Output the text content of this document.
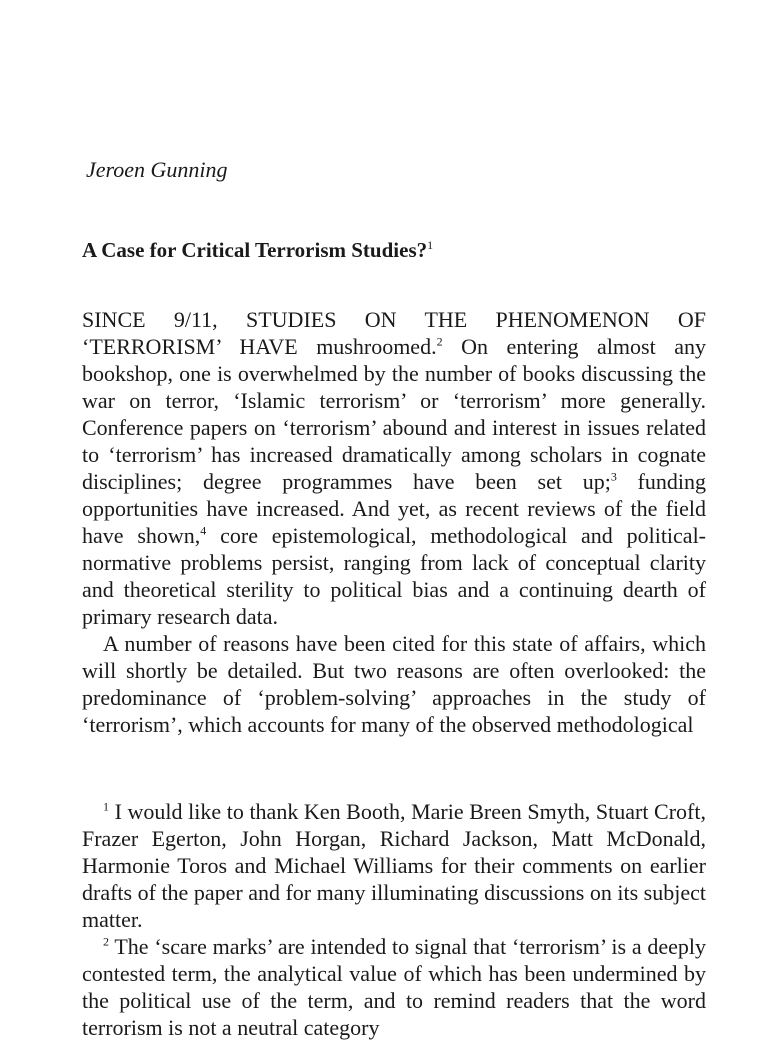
Jeroen Gunning
A Case for Critical Terrorism Studies?$^1$

SINCE 9/11, STUDIES ON THE PHENOMENON OF ‘TERRORISM’ HAVE mushroomed.$^2$ On entering almost any bookshop, one is overwhelmed by the number of books discussing the war on terror, ‘Islamic terrorism’ or ‘terrorism’ more generally. Conference papers on ‘terrorism’ abound and interest in issues related to ‘terrorism’ has increased dramatically among scholars in cognate disciplines; degree programmes have been set up;$^3$ funding opportunities have increased. And yet, as recent reviews of the field have shown,$^4$ core epistemological, methodological and political-normative problems persist, ranging from lack of conceptual clarity and theoretical sterility to political bias and a continuing dearth of primary research data.

A number of reasons have been cited for this state of affairs, which will shortly be detailed. But two reasons are often overlooked: the predominance of ‘problem-solving’ approaches in the study of ‘terrorism’, which accounts for many of the observed methodological

$^1$ I would like to thank Ken Booth, Marie Breen Smyth, Stuart Croft, Frazer Egerton, John Horgan, Richard Jackson, Matt McDonald, Harmonie Toros and Michael Williams for their comments on earlier drafts of the paper and for many illuminating discussions on its subject matter.

$^2$ The ‘scare marks’ are intended to signal that ‘terrorism’ is a deeply contested term, the analytical value of which has been undermined by the political use of the term, and to remind readers that the word terrorism is not a neutral category
